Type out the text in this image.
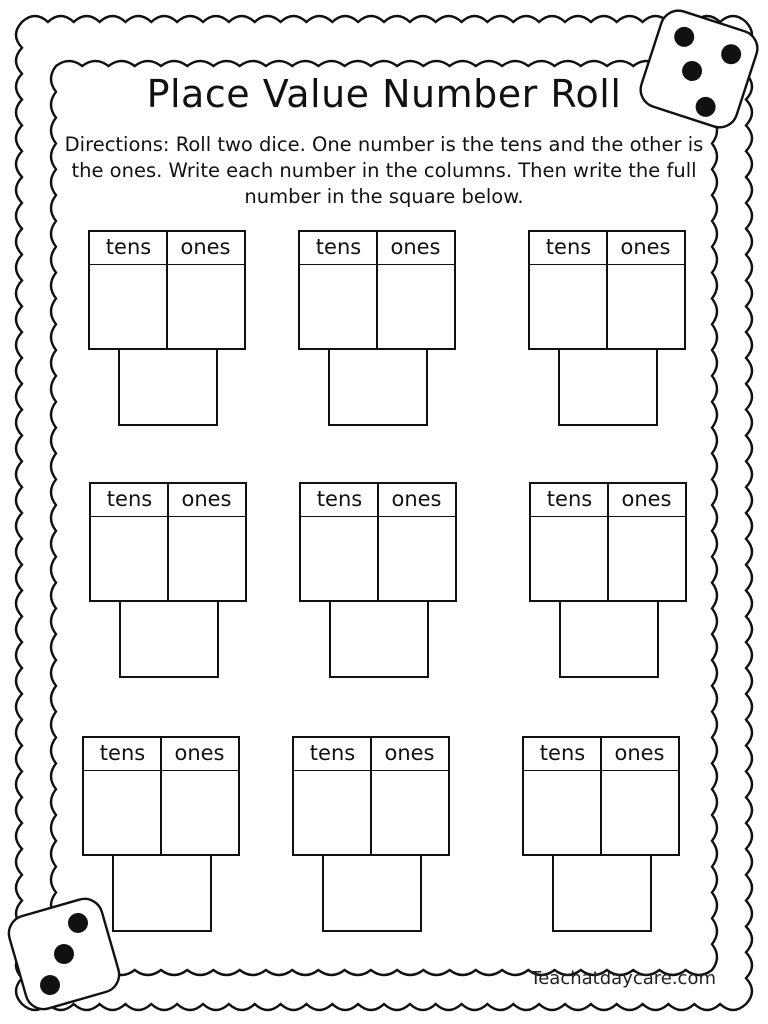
Place Value Number Roll
Directions: Roll two dice. One number is the tens and the other is the ones. Write each number in the columns. Then write the full number in the square below.
tens	ones	tens	ones	tens	ones
tens	ones	tens	ones	tens	ones
tens	ones	tens	ones	tens	ones
Teachatdaycare.com
